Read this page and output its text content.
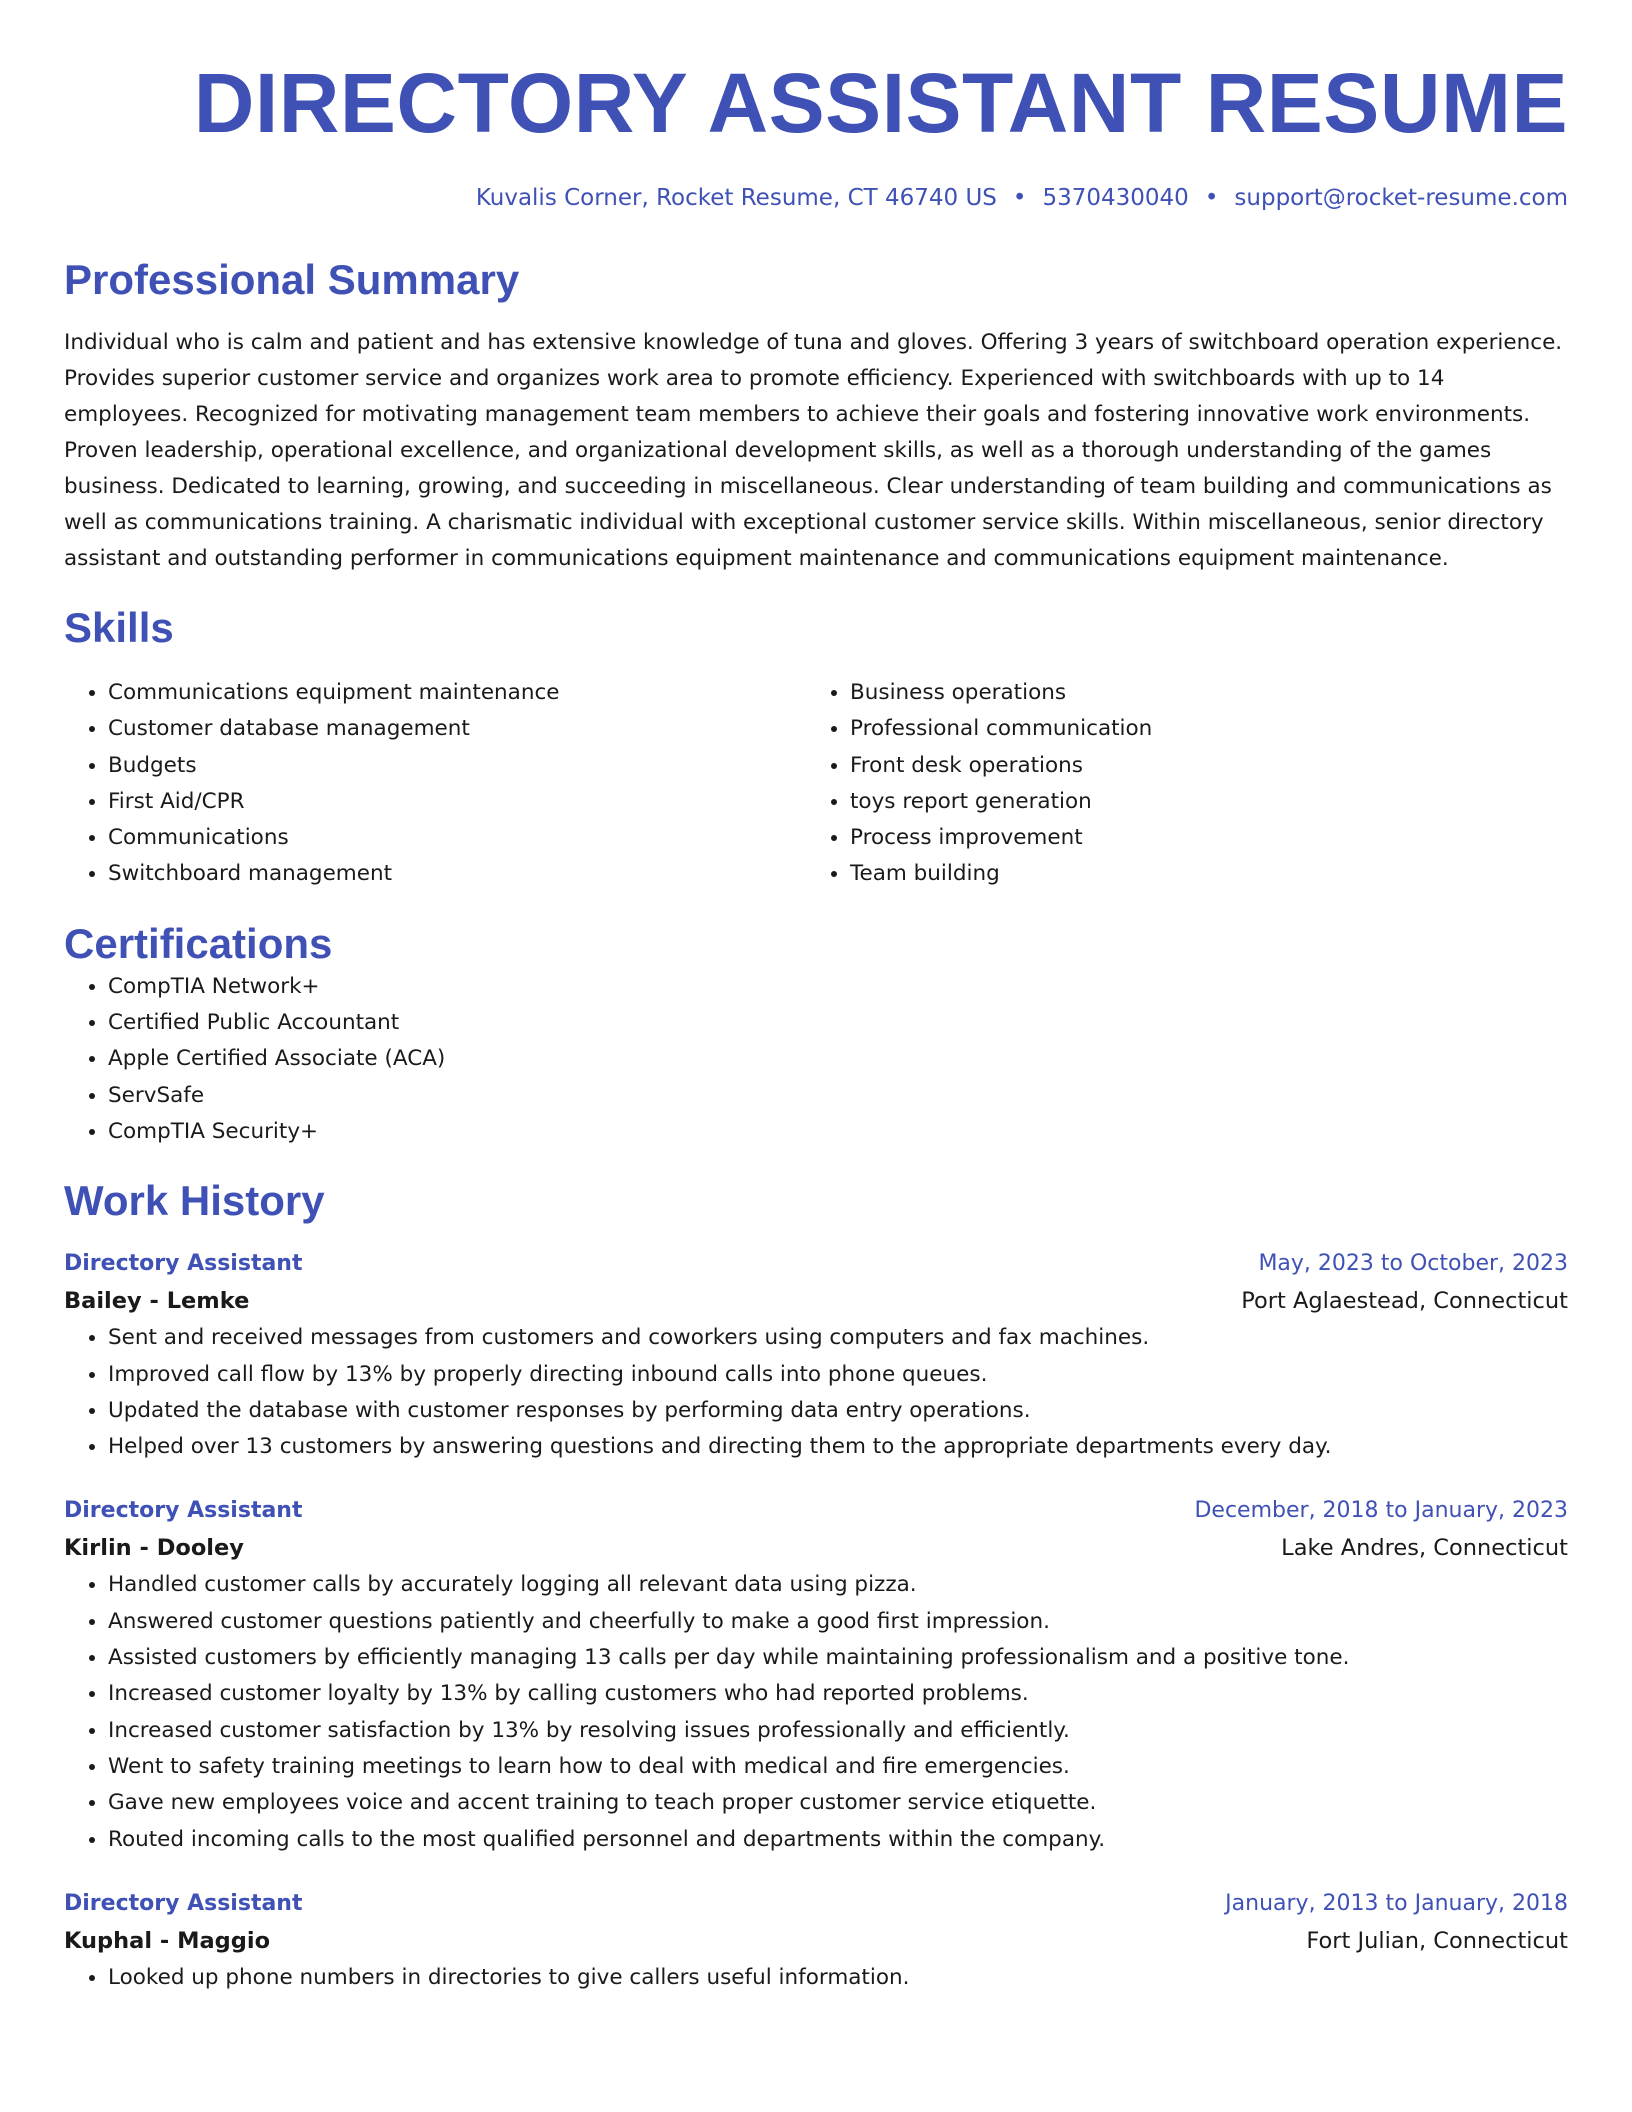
DIRECTORY ASSISTANT RESUME
Kuvalis Corner, Rocket Resume, CT 46740 US • 5370430040 • support@rocket-resume.com
Professional Summary
Individual who is calm and patient and has extensive knowledge of tuna and gloves. Offering 3 years of switchboard operation experience. Provides superior customer service and organizes work area to promote efficiency. Experienced with switchboards with up to 14 employees. Recognized for motivating management team members to achieve their goals and fostering innovative work environments. Proven leadership, operational excellence, and organizational development skills, as well as a thorough understanding of the games business. Dedicated to learning, growing, and succeeding in miscellaneous. Clear understanding of team building and communications as well as communications training. A charismatic individual with exceptional customer service skills. Within miscellaneous, senior directory assistant and outstanding performer in communications equipment maintenance and communications equipment maintenance.
Skills
• Communications equipment maintenance
• Customer database management
• Budgets
• First Aid/CPR
• Communications
• Switchboard management
• Business operations
• Professional communication
• Front desk operations
• toys report generation
• Process improvement
• Team building
Certifications
• CompTIA Network+
• Certified Public Accountant
• Apple Certified Associate (ACA)
• ServSafe
• CompTIA Security+
Work History
Directory Assistant	May, 2023 to October, 2023
Bailey - Lemke	Port Aglaestead, Connecticut
• Sent and received messages from customers and coworkers using computers and fax machines.
• Improved call flow by 13% by properly directing inbound calls into phone queues.
• Updated the database with customer responses by performing data entry operations.
• Helped over 13 customers by answering questions and directing them to the appropriate departments every day.
Directory Assistant	December, 2018 to January, 2023
Kirlin - Dooley	Lake Andres, Connecticut
• Handled customer calls by accurately logging all relevant data using pizza.
• Answered customer questions patiently and cheerfully to make a good first impression.
• Assisted customers by efficiently managing 13 calls per day while maintaining professionalism and a positive tone.
• Increased customer loyalty by 13% by calling customers who had reported problems.
• Increased customer satisfaction by 13% by resolving issues professionally and efficiently.
• Went to safety training meetings to learn how to deal with medical and fire emergencies.
• Gave new employees voice and accent training to teach proper customer service etiquette.
• Routed incoming calls to the most qualified personnel and departments within the company.
Directory Assistant	January, 2013 to January, 2018
Kuphal - Maggio	Fort Julian, Connecticut
• Looked up phone numbers in directories to give callers useful information.
